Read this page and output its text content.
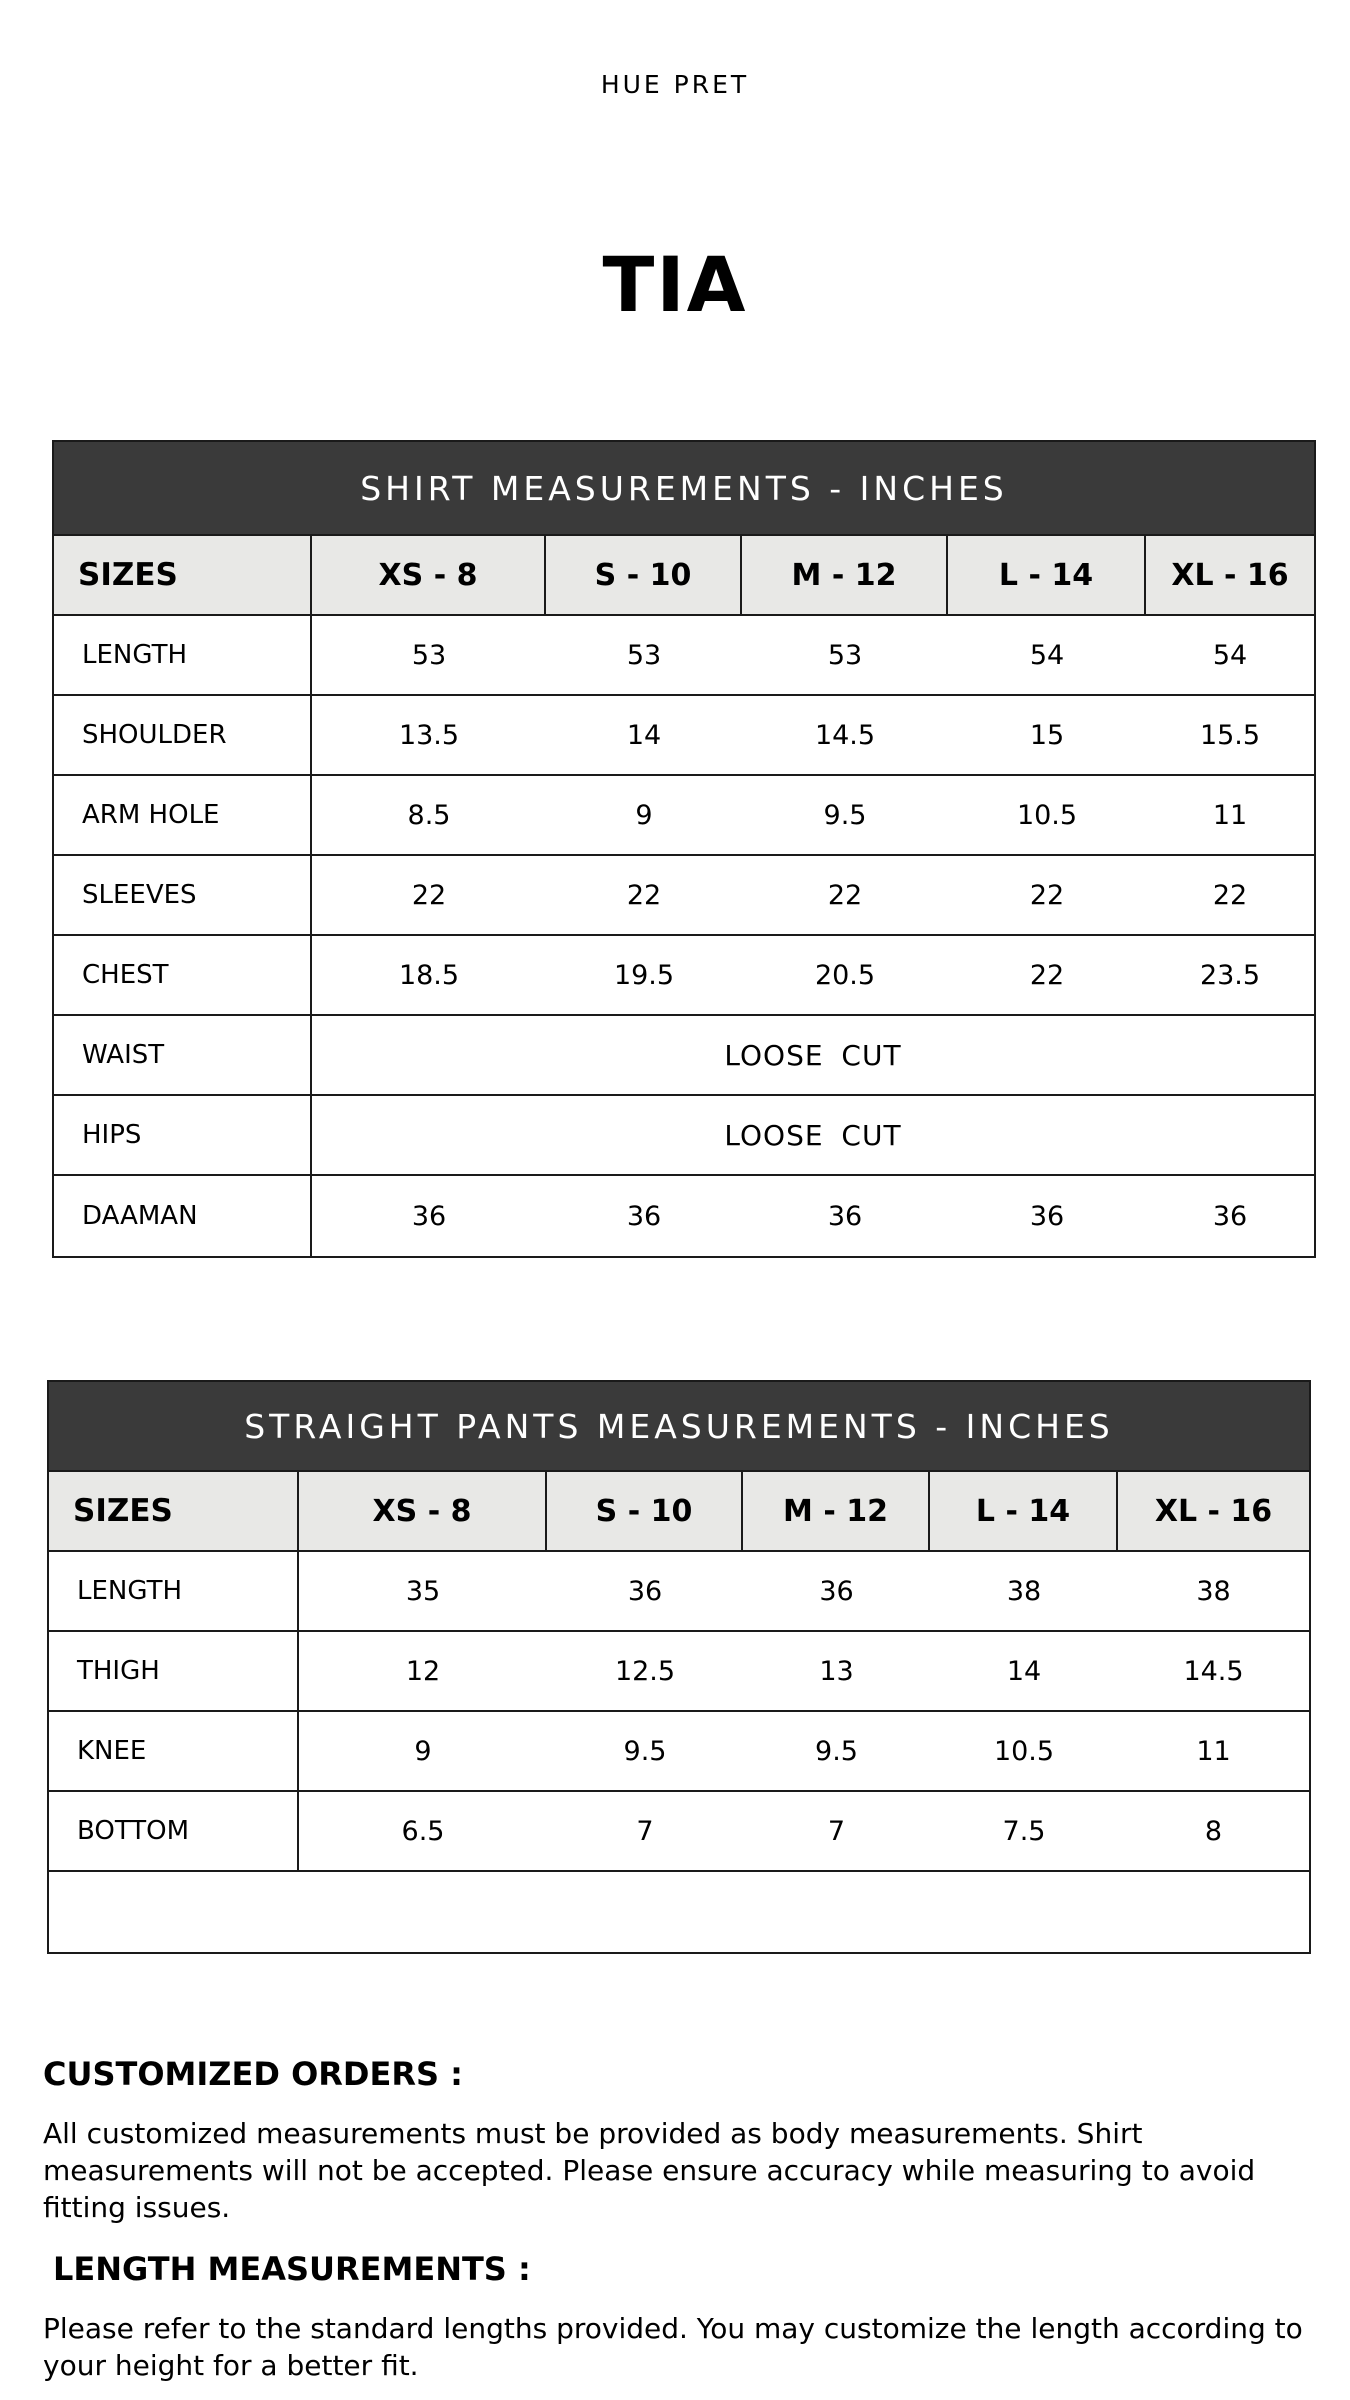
HUE PRET
TIA
SHIRT MEASUREMENTS - INCHES
SIZES	XS - 8	S - 10	M - 12	L - 14	XL - 16
LENGTH	53	53	53	54	54
SHOULDER	13.5	14	14.5	15	15.5
ARM HOLE	8.5	9	9.5	10.5	11
SLEEVES	22	22	22	22	22
CHEST	18.5	19.5	20.5	22	23.5
WAIST	LOOSE CUT
HIPS	LOOSE CUT
DAAMAN	36	36	36	36	36
STRAIGHT PANTS MEASUREMENTS - INCHES
SIZES	XS - 8	S - 10	M - 12	L - 14	XL - 16
LENGTH	35	36	36	38	38
THIGH	12	12.5	13	14	14.5
KNEE	9	9.5	9.5	10.5	11
BOTTOM	6.5	7	7	7.5	8
CUSTOMIZED ORDERS :

All customized measurements must be provided as body measurements. Shirt measurements will not be accepted. Please ensure accuracy while measuring to avoid fitting issues.

LENGTH MEASUREMENTS :

Please refer to the standard lengths provided. You may customize the length according to your height for a better fit.
